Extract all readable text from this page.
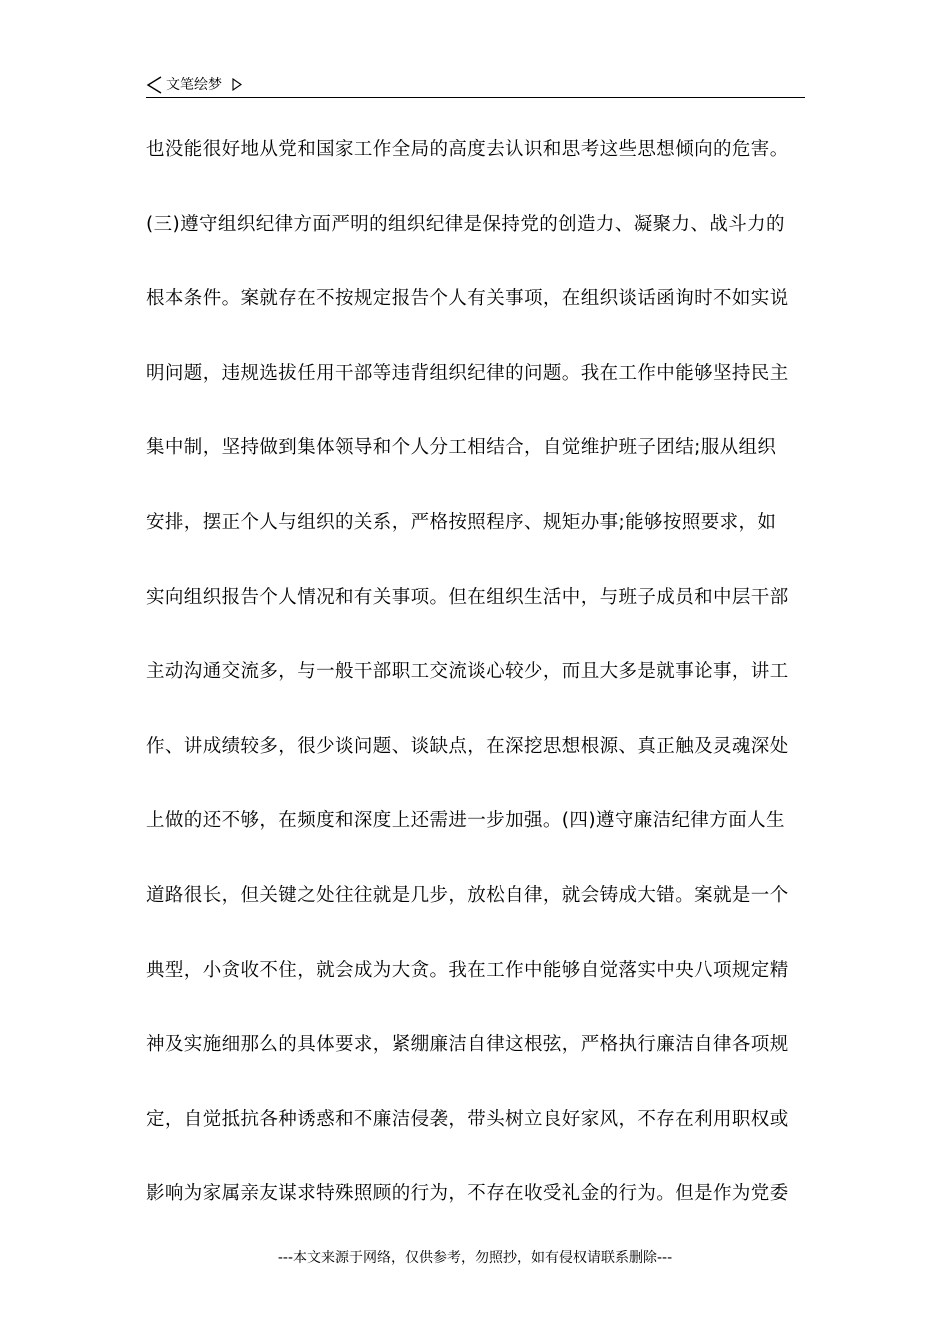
文笔绘梦
也没能很好地从党和国家工作全局的高度去认识和思考这些思想倾向的危害。
(三)遵守组织纪律方面严明的组织纪律是保持党的创造力、凝聚力、战斗力的
根本条件。案就存在不按规定报告个人有关事项，在组织谈话函询时不如实说
明问题，违规选拔任用干部等违背组织纪律的问题。我在工作中能够坚持民主
集中制，坚持做到集体领导和个人分工相结合，自觉维护班子团结;服从组织
安排，摆正个人与组织的关系，严格按照程序、规矩办事;能够按照要求，如
实向组织报告个人情况和有关事项。但在组织生活中，与班子成员和中层干部
主动沟通交流多，与一般干部职工交流谈心较少，而且大多是就事论事，讲工
作、讲成绩较多，很少谈问题、谈缺点，在深挖思想根源、真正触及灵魂深处
上做的还不够，在频度和深度上还需进一步加强。(四)遵守廉洁纪律方面人生
道路很长，但关键之处往往就是几步，放松自律，就会铸成大错。案就是一个
典型，小贪收不住，就会成为大贪。我在工作中能够自觉落实中央八项规定精
神及实施细那么的具体要求，紧绷廉洁自律这根弦，严格执行廉洁自律各项规
定，自觉抵抗各种诱惑和不廉洁侵袭，带头树立良好家风，不存在利用职权或
影响为家属亲友谋求特殊照顾的行为，不存在收受礼金的行为。但是作为党委
---本文来源于网络，仅供参考，勿照抄，如有侵权请联系删除---
